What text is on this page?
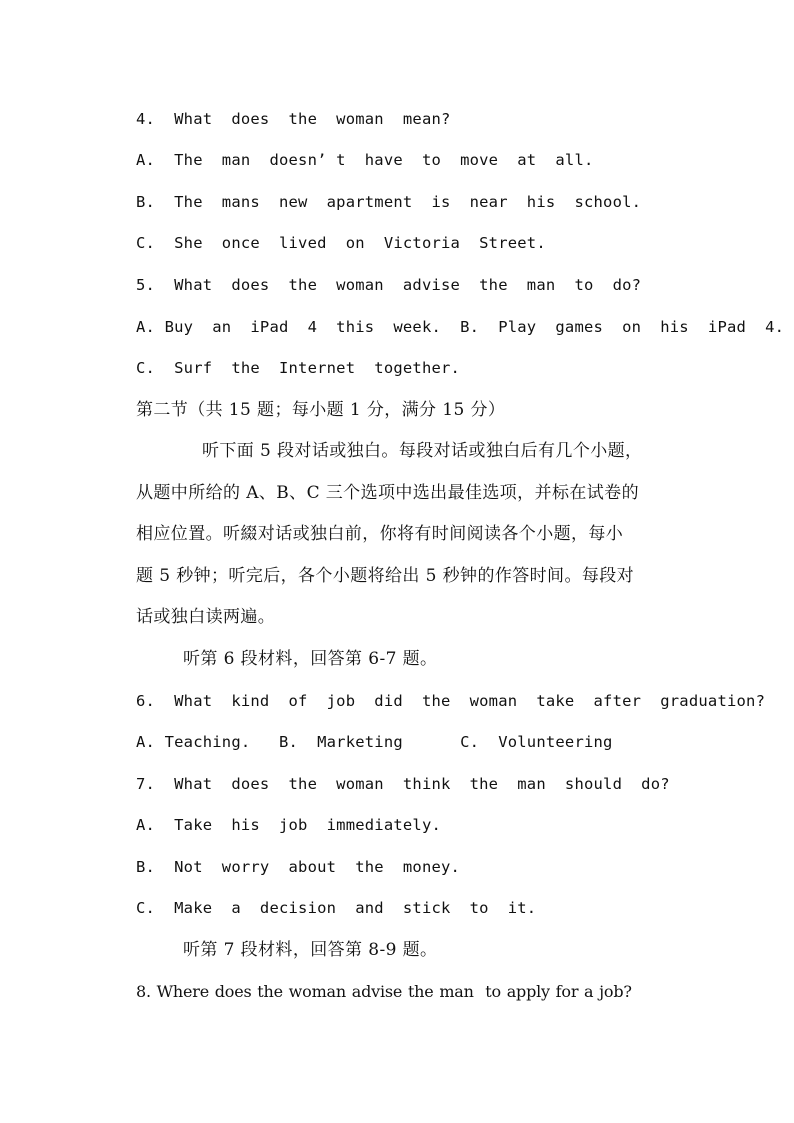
4.  What  does  the  woman  mean?
A.  The  man  doesn’ t  have  to  move  at  all.
B.  The  mans  new  apartment  is  near  his  school.
C.  She  once  lived  on  Victoria  Street.
5.  What  does  the  woman  advise  the  man  to  do?
A. Buy  an  iPad  4  this  week.  B.  Play  games  on  his  iPad  4.
C.  Surf  the  Internet  together.
第二节（共 15 题；每小题 1 分，满分 15 分）
听下面 5 段对话或独白。每段对话或独白后有几个小题，
从题中所给的 A、B、C 三个选项中选出最佳选项，并标在试卷的
相应位置。听綴对话或独白前，你将有时间阅读各个小题，每小
题 5 秒钟；听完后，各个小题将给出 5 秒钟的作答时间。每段对
话或独白读两遍。
听第 6 段材料，回答第 6-7 题。
6.  What  kind  of  job  did  the  woman  take  after  graduation?
A. Teaching.   B.  Marketing      C.  Volunteering
7.  What  does  the  woman  think  the  man  should  do?
A.  Take  his  job  immediately.
B.  Not  worry  about  the  money.
C.  Make  a  decision  and  stick  to  it.
听第 7 段材料，回答第 8-9 题。
8.  Where  does  the  woman  advise  the  man    to  apply  for  a  job?
